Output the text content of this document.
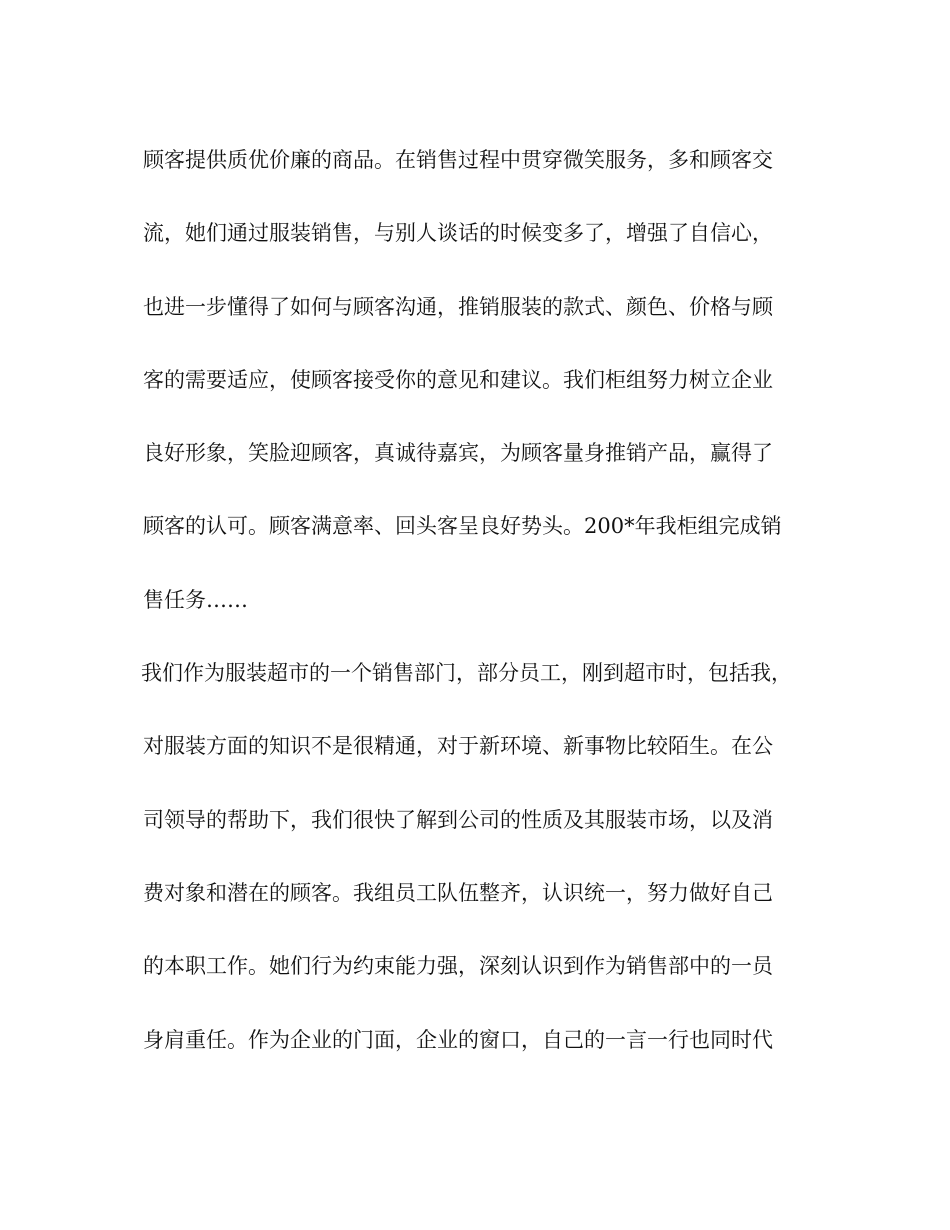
顾客提供质优价廉的商品。在销售过程中贯穿微笑服务，多和顾客交
流，她们通过服装销售，与别人谈话的时候变多了，增强了自信心，
也进一步懂得了如何与顾客沟通，推销服装的款式、颜色、价格与顾
客的需要适应，使顾客接受你的意见和建议。我们柜组努力树立企业
良好形象，笑脸迎顾客，真诚待嘉宾，为顾客量身推销产品，赢得了
顾客的认可。顾客满意率、回头客呈良好势头。200*年我柜组完成销
售任务……
我们作为服装超市的一个销售部门，部分员工，刚到超市时，包括我，
对服装方面的知识不是很精通，对于新环境、新事物比较陌生。在公
司领导的帮助下，我们很快了解到公司的性质及其服装市场，以及消
费对象和潜在的顾客。我组员工队伍整齐，认识统一，努力做好自己
的本职工作。她们行为约束能力强，深刻认识到作为销售部中的一员
身肩重任。作为企业的门面，企业的窗口，自己的一言一行也同时代
